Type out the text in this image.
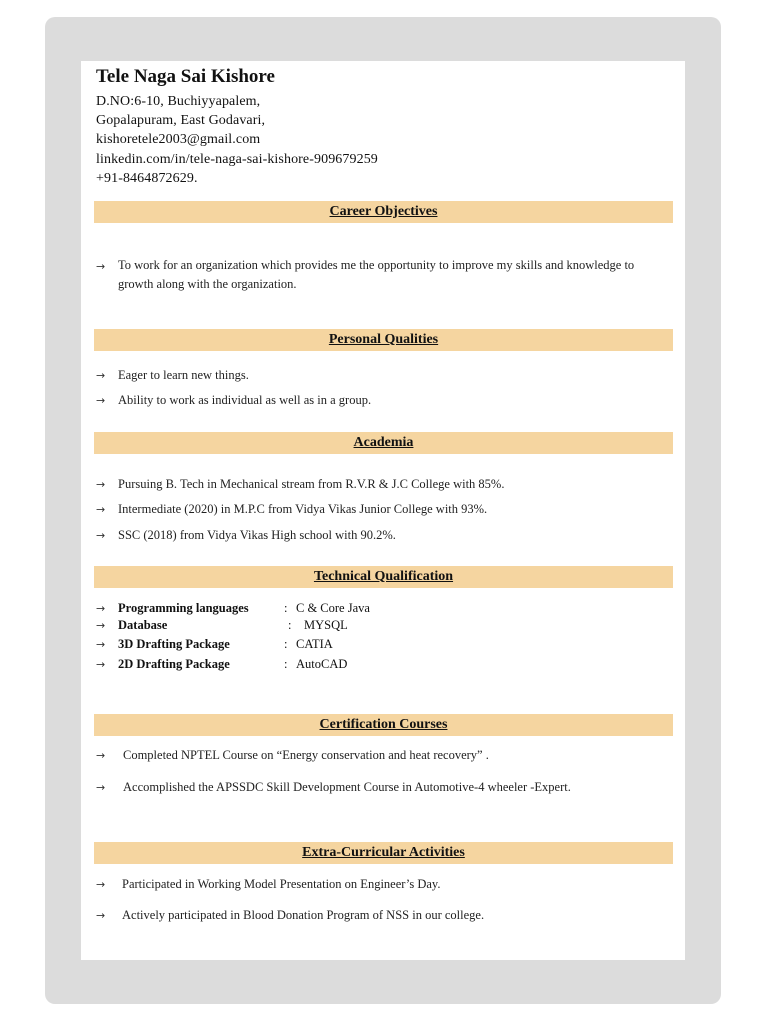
Tele Naga Sai Kishore
D.NO:6-10, Buchiyyapalem,
Gopalapuram, East Godavari,
kishoretele2003@gmail.com
linkedin.com/in/tele-naga-sai-kishore-909679259
+91-8464872629.
Career Objectives
→	To work for an organization which provides me the opportunity to improve my skills and knowledge to growth along with the organization.
Personal Qualities
→ Eager to learn new things.
→ Ability to work as individual as well as in a group.
Academia
→ Pursuing B. Tech in Mechanical stream from R.V.R & J.C College with 85%.
→ Intermediate (2020) in M.P.C from Vidya Vikas Junior College with 93%.
→ SSC (2018) from Vidya Vikas High school with 90.2%.
Technical Qualification
→ Programming languages	: C & Core Java
→ Database	: MYSQL
→ 3D Drafting Package	: CATIA
→ 2D Drafting Package	: AutoCAD
Certification Courses
→ Completed NPTEL Course on “Energy conservation and heat recovery” .
→ Accomplished the APSSDC Skill Development Course in Automotive-4 wheeler -Expert.
Extra-Curricular Activities
→ Participated in Working Model Presentation on Engineer’s Day.
→ Actively participated in Blood Donation Program of NSS in our college.
